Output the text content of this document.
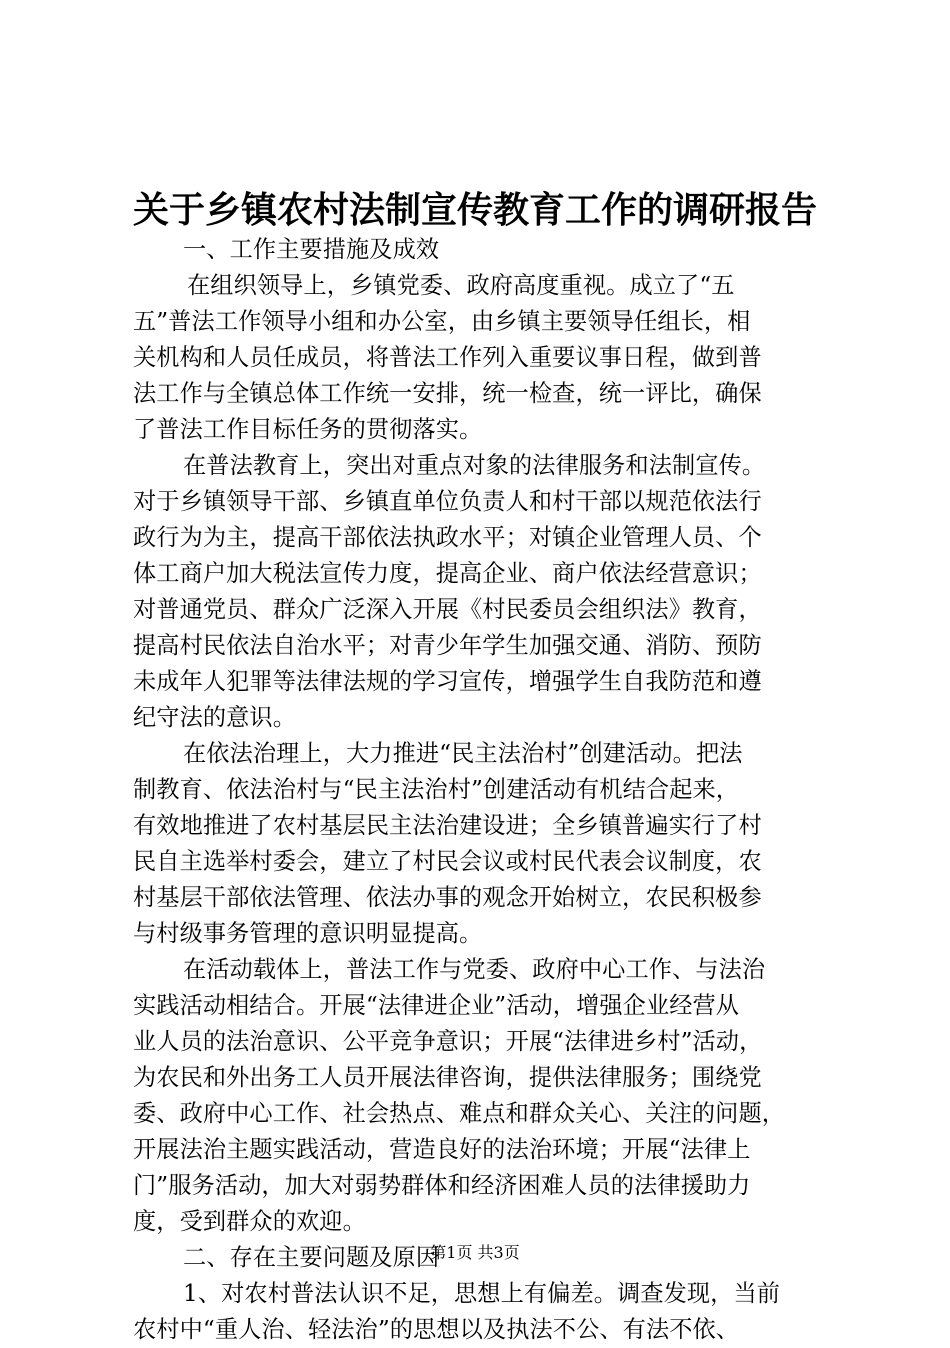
关于乡镇农村法制宣传教育工作的调研报告
一、工作主要措施及成效
在组织领导上，乡镇党委、政府高度重视。成立了“五
五”普法工作领导小组和办公室，由乡镇主要领导任组长，相
关机构和人员任成员，将普法工作列入重要议事日程，做到普
法工作与全镇总体工作统一安排，统一检查，统一评比，确保
了普法工作目标任务的贯彻落实。
在普法教育上，突出对重点对象的法律服务和法制宣传。
对于乡镇领导干部、乡镇直单位负责人和村干部以规范依法行
政行为为主，提高干部依法执政水平；对镇企业管理人员、个
体工商户加大税法宣传力度，提高企业、商户依法经营意识；
对普通党员、群众广泛深入开展《村民委员会组织法》教育，
提高村民依法自治水平；对青少年学生加强交通、消防、预防
未成年人犯罪等法律法规的学习宣传，增强学生自我防范和遵
纪守法的意识。
在依法治理上，大力推进“民主法治村”创建活动。把法
制教育、依法治村与“民主法治村”创建活动有机结合起来，
有效地推进了农村基层民主法治建设进；全乡镇普遍实行了村
民自主选举村委会，建立了村民会议或村民代表会议制度，农
村基层干部依法管理、依法办事的观念开始树立，农民积极参
与村级事务管理的意识明显提高。
在活动载体上，普法工作与党委、政府中心工作、与法治
实践活动相结合。开展“法律进企业”活动，增强企业经营从
业人员的法治意识、公平竞争意识；开展“法律进乡村”活动，
为农民和外出务工人员开展法律咨询，提供法律服务；围绕党
委、政府中心工作、社会热点、难点和群众关心、关注的问题，
开展法治主题实践活动，营造良好的法治环境；开展“法律上
门”服务活动，加大对弱势群体和经济困难人员的法律援助力
度，受到群众的欢迎。
二、存在主要问题及原因
1、对农村普法认识不足，思想上有偏差。调查发现，当前
农村中“重人治、轻法治”的思想以及执法不公、有法不依、
第1页 共3页
